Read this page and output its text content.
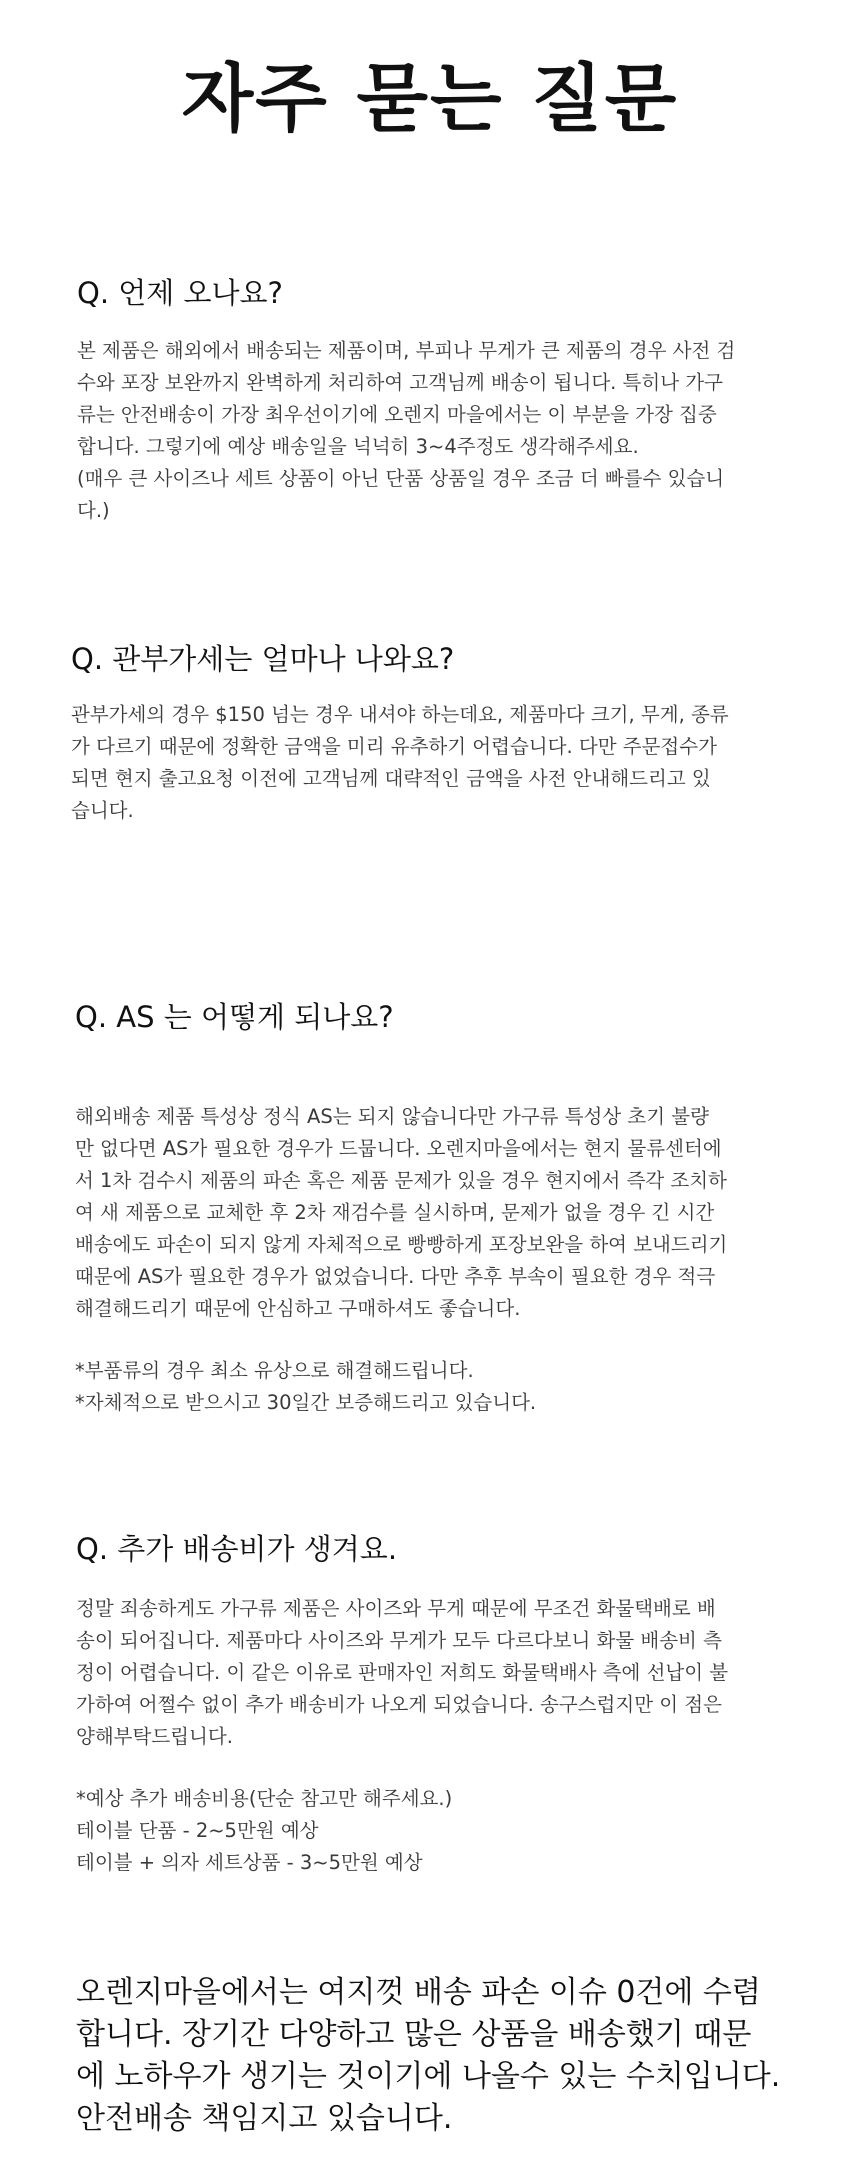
자주 묻는 질문
Q. 언제 오나요?

본 제품은 해외에서 배송되는 제품이며, 부피나 무게가 큰 제품의 경우 사전 검
수와 포장 보완까지 완벽하게 처리하여 고객님께 배송이 됩니다. 특히나 가구
류는 안전배송이 가장 최우선이기에 오렌지 마을에서는 이 부분을 가장 집중
합니다. 그렇기에 예상 배송일을 넉넉히 3~4주정도 생각해주세요.
(매우 큰 사이즈나 세트 상품이 아닌 단품 상품일 경우 조금 더 빠를수 있습니
다.)

Q. 관부가세는 얼마나 나와요?

관부가세의 경우 $150 넘는 경우 내셔야 하는데요, 제품마다 크기, 무게, 종류
가 다르기 때문에 정확한 금액을 미리 유추하기 어렵습니다. 다만 주문접수가
되면 현지 출고요청 이전에 고객님께 대략적인 금액을 사전 안내해드리고 있
습니다.

Q. AS 는 어떻게 되나요?

해외배송 제품 특성상 정식 AS는 되지 않습니다만 가구류 특성상 초기 불량
만 없다면 AS가 필요한 경우가 드뭅니다. 오렌지마을에서는 현지 물류센터에
서 1차 검수시 제품의 파손 혹은 제품 문제가 있을 경우 현지에서 즉각 조치하
여 새 제품으로 교체한 후 2차 재검수를 실시하며, 문제가 없을 경우 긴 시간
배송에도 파손이 되지 않게 자체적으로 빵빵하게 포장보완을 하여 보내드리기
때문에 AS가 필요한 경우가 없었습니다. 다만 추후 부속이 필요한 경우 적극
해결해드리기 때문에 안심하고 구매하셔도 좋습니다.

*부품류의 경우 최소 유상으로 해결해드립니다.

*자체적으로 받으시고 30일간 보증해드리고 있습니다.

Q. 추가 배송비가 생겨요.

정말 죄송하게도 가구류 제품은 사이즈와 무게 때문에 무조건 화물택배로 배
송이 되어집니다. 제품마다 사이즈와 무게가 모두 다르다보니 화물 배송비 측
정이 어렵습니다. 이 같은 이유로 판매자인 저희도 화물택배사 측에 선납이 불
가하여 어쩔수 없이 추가 배송비가 나오게 되었습니다. 송구스럽지만 이 점은
양해부탁드립니다.

*예상 추가 배송비용(단순 참고만 해주세요.)

테이블 단품 - 2~5만원 예상

테이블 + 의자 세트상품 - 3~5만원 예상

오렌지마을에서는 여지껏 배송 파손 이슈 0건에 수렴
합니다. 장기간 다양하고 많은 상품을 배송했기 때문
에 노하우가 생기는 것이기에 나올수 있는 수치입니다.
안전배송 책임지고 있습니다.
